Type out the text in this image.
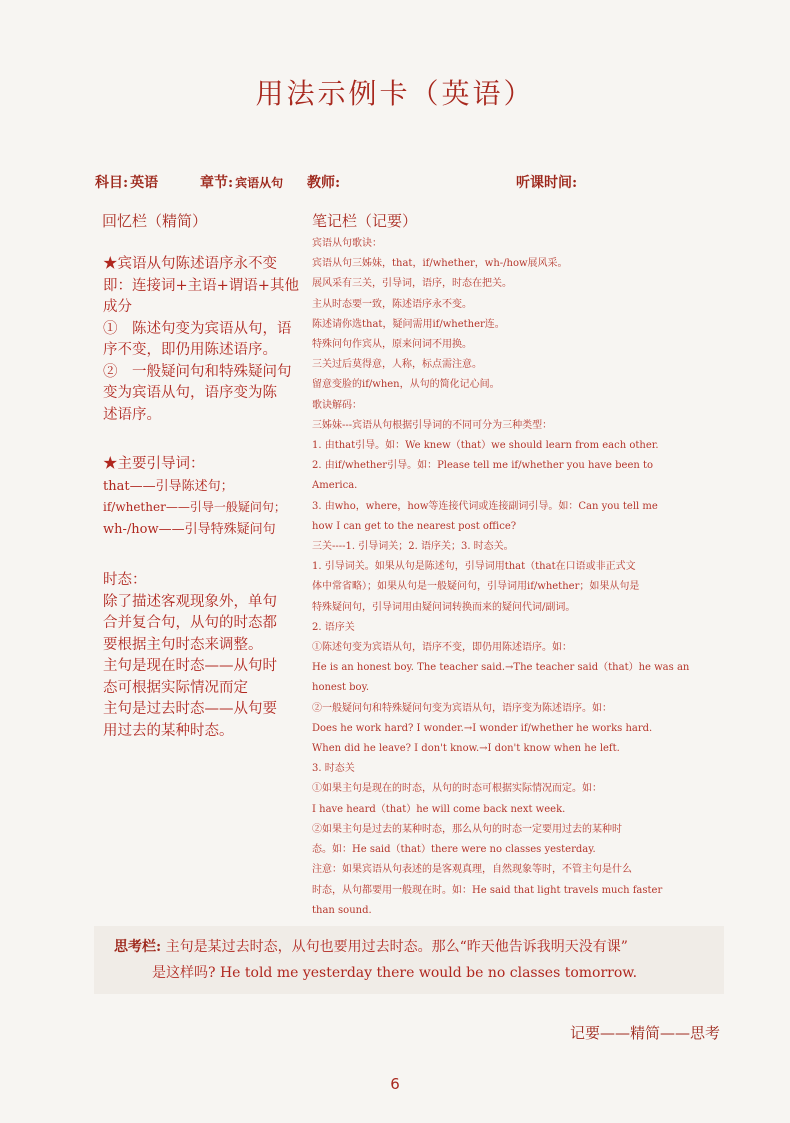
用法示例卡（英语）
科目: 英语	章节: 宾语从句 教师:	听课时间:
回忆栏（精简）	笔记栏（记要）

★宾语从句陈述语序永不变

即：连接词+主语+谓语+其他

成分

①　陈述句变为宾语从句，语

序不变，即仍用陈述语序。

②　一般疑问句和特殊疑问句

变为宾语从句，语序变为陈

述语序。

★主要引导词：

that——引导陈述句；

if/whether——引导一般疑问句；

wh-/how——引导特殊疑问句

时态：

除了描述客观现象外，单句

合并复合句，从句的时态都

要根据主句时态来调整。

主句是现在时态——从句时

态可根据实际情况而定

主句是过去时态——从句要

用过去的某种时态。

宾语从句歌诀：

宾语从句三姊妹，that，if/whether，wh-/how展风采。

展风采有三关，引导词，语序，时态在把关。

主从时态要一致，陈述语序永不变。

陈述请你选that，疑问需用if/whether连。

特殊问句作宾从，原来问词不用换。

三关过后莫得意，人称，标点需注意。

留意变脸的if/when，从句的简化记心间。

歌诀解码：

三姊妹---宾语从句根据引导词的不同可分为三种类型：

1. 由that引导。如：We knew（that）we should learn from each other.

2. 由if/whether引导。如：Please tell me if/whether you have been to

America.

3. 由who，where，how等连接代词或连接副词引导。如：Can you tell me

how I can get to the nearest post office?

三关----1. 引导词关；2. 语序关；3. 时态关。

1. 引导词关。如果从句是陈述句，引导词用that（that在口语或非正式文

体中常省略）；如果从句是一般疑问句，引导词用if/whether；如果从句是

特殊疑问句，引导词用由疑问词转换而来的疑问代词/副词。

2. 语序关

①陈述句变为宾语从句，语序不变，即仍用陈述语序。如：

He is an honest boy. The teacher said.→The teacher said（that）he was an

honest boy.

②一般疑问句和特殊疑问句变为宾语从句，语序变为陈述语序。如：

Does he work hard? I wonder.→I wonder if/whether he works hard.

When did he leave? I don't know.→I don't know when he left.

3. 时态关

①如果主句是现在的时态，从句的时态可根据实际情况而定。如：

I have heard（that）he will come back next week.

②如果主句是过去的某种时态，那么从句的时态一定要用过去的某种时

态。如：He said（that）there were no classes yesterday.

注意：如果宾语从句表述的是客观真理，自然现象等时，不管主句是什么

时态，从句都要用一般现在时。如：He said that light travels much faster

than sound.

思考栏: 主句是某过去时态，从句也要用过去时态。那么“昨天他告诉我明天没有课”
是这样吗? He told me yesterday there would be no classes tomorrow.
记要——精简——思考
6
